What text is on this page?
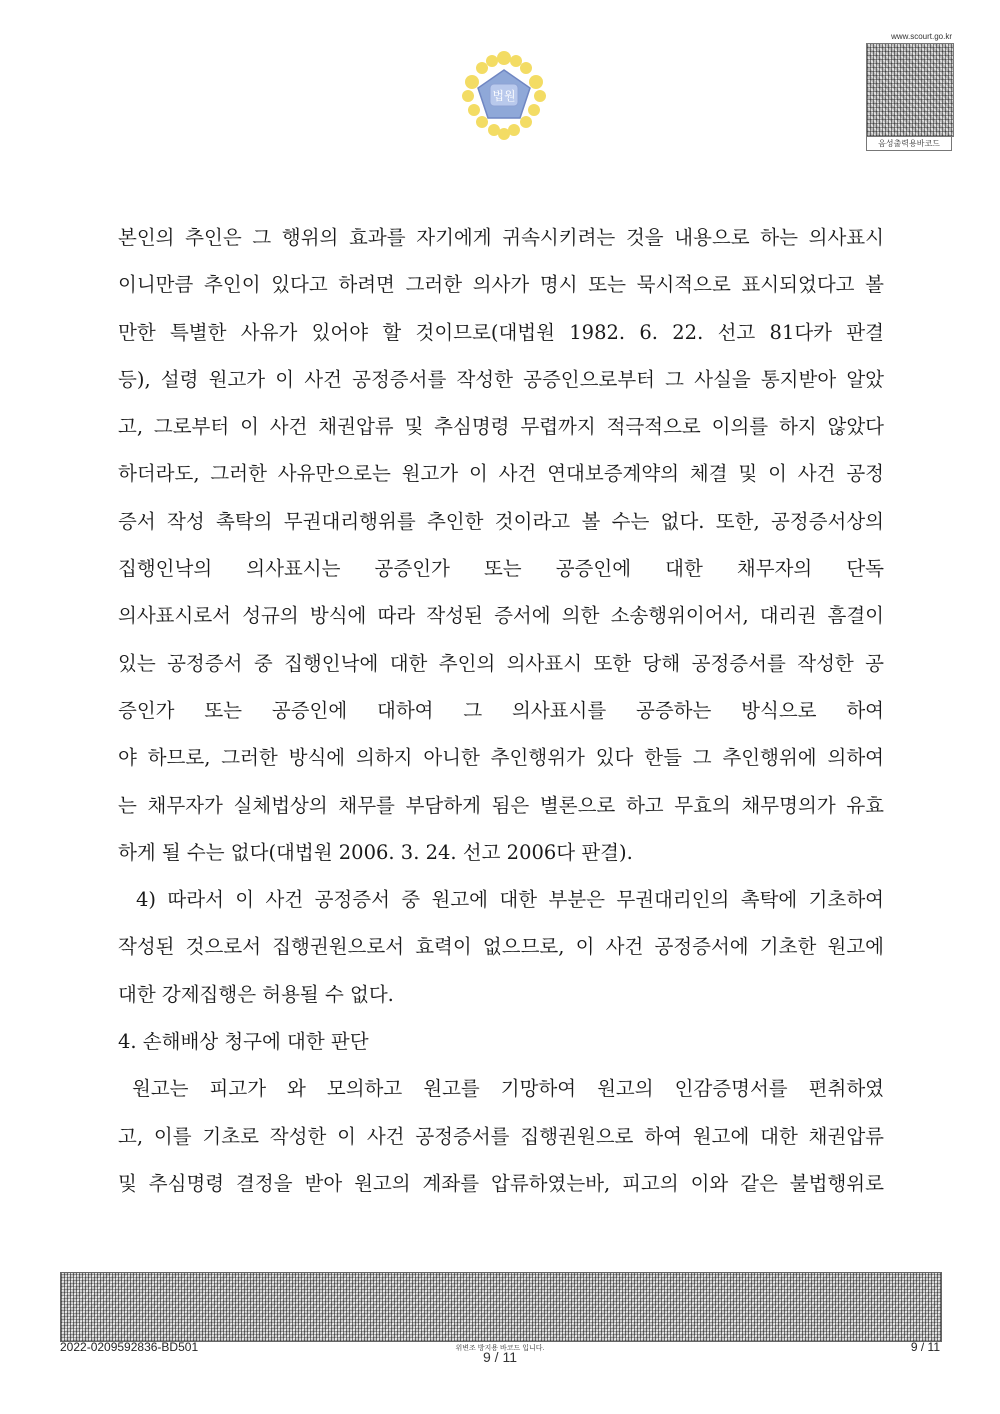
법원
www.scourt.go.kr
음성출력용바코드
본인의 추인은 그 행위의 효과를 자기에게 귀속시키려는 것을 내용으로 하는 의사표시
이니만큼 추인이 있다고 하려면 그러한 의사가 명시 또는 묵시적으로 표시되었다고 볼
만한 특별한 사유가 있어야 할 것이므로(대법원 1982. 6. 22. 선고 81다카 판결
등), 설령 원고가 이 사건 공정증서를 작성한 공증인으로부터 그 사실을 통지받아 알았
고, 그로부터 이 사건 채권압류 및 추심명령 무렵까지 적극적으로 이의를 하지 않았다
하더라도, 그러한 사유만으로는 원고가 이 사건 연대보증계약의 체결 및 이 사건 공정
증서 작성 촉탁의 무권대리행위를 추인한 것이라고 볼 수는 없다. 또한, 공정증서상의
집행인낙의 의사표시는 공증인가 또는 공증인에 대한 채무자의 단독
의사표시로서 성규의 방식에 따라 작성된 증서에 의한 소송행위이어서, 대리권 흠결이
있는 공정증서 중 집행인낙에 대한 추인의 의사표시 또한 당해 공정증서를 작성한 공
증인가 또는 공증인에 대하여 그 의사표시를 공증하는 방식으로 하여
야 하므로, 그러한 방식에 의하지 아니한 추인행위가 있다 한들 그 추인행위에 의하여
는 채무자가 실체법상의 채무를 부담하게 됨은 별론으로 하고 무효의 채무명의가 유효
하게 될 수는 없다(대법원 2006. 3. 24. 선고 2006다 판결).
4) 따라서 이 사건 공정증서 중 원고에 대한 부분은 무권대리인의 촉탁에 기초하여
작성된 것으로서 집행권원으로서 효력이 없으므로, 이 사건 공정증서에 기초한 원고에
대한 강제집행은 허용될 수 없다.
4. 손해배상 청구에 대한 판단
원고는 피고가 와 모의하고 원고를 기망하여 원고의 인감증명서를 편취하였
고, 이를 기초로 작성한 이 사건 공정증서를 집행권원으로 하여 원고에 대한 채권압류
및 추심명령 결정을 받아 원고의 계좌를 압류하였는바, 피고의 이와 같은 불법행위로
2022-0209592836-BD501	위변조 방지용 바코드 입니다.
9 / 11
9 / 11
